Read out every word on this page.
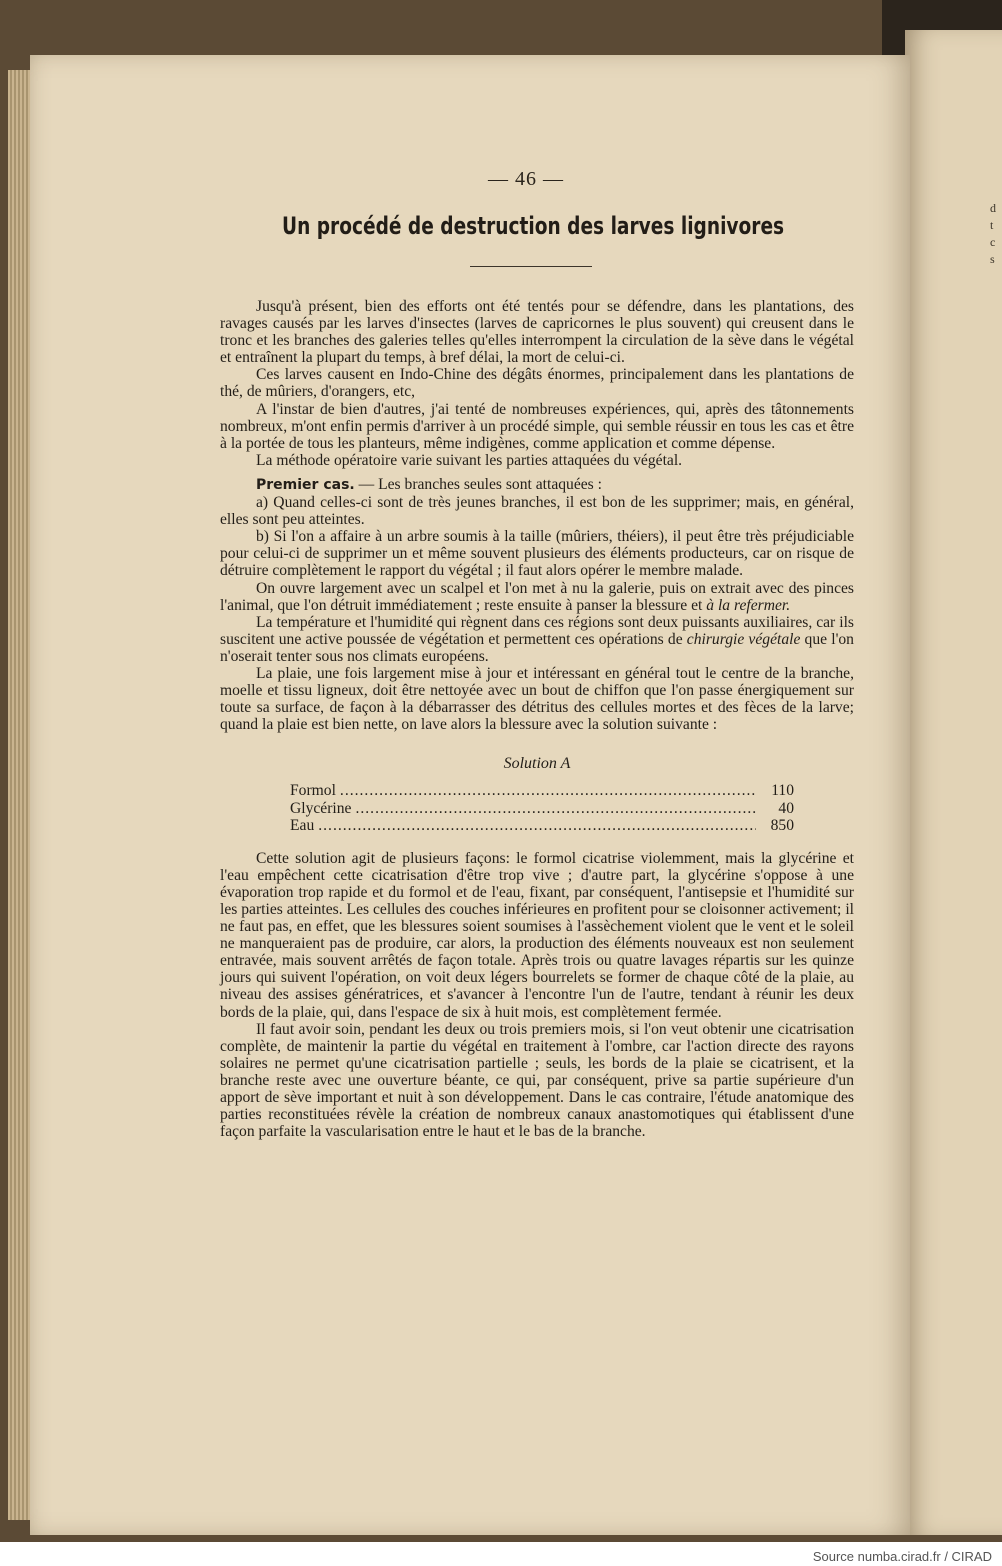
d
t
c
s
— 46 —
Un procédé de destruction des larves lignivores

Jusqu'à présent, bien des efforts ont été tentés pour se défendre, dans les plantations, des ravages causés par les larves d'insectes (larves de capricornes le plus souvent) qui creusent dans le tronc et les branches des galeries telles qu'elles interrompent la circulation de la sève dans le végétal et entraînent la plupart du temps, à bref délai, la mort de celui-ci.

Ces larves causent en Indo-Chine des dégâts énormes, principalement dans les plantations de thé, de mûriers, d'orangers, etc,

A l'instar de bien d'autres, j'ai tenté de nombreuses expériences, qui, après des tâtonnements nombreux, m'ont enfin permis d'arriver à un procédé simple, qui semble réussir en tous les cas et être à la portée de tous les planteurs, même indigènes, comme application et comme dépense.

La méthode opératoire varie suivant les parties attaquées du végétal.

Premier cas. — Les branches seules sont attaquées :

a) Quand celles-ci sont de très jeunes branches, il est bon de les supprimer; mais, en général, elles sont peu atteintes.

b) Si l'on a affaire à un arbre soumis à la taille (mûriers, théiers), il peut être très préjudiciable pour celui-ci de supprimer un et même souvent plusieurs des éléments producteurs, car on risque de détruire complètement le rapport du végétal ; il faut alors opérer le membre malade.

On ouvre largement avec un scalpel et l'on met à nu la galerie, puis on extrait avec des pinces l'animal, que l'on détruit immédiatement ; reste ensuite à panser la blessure et à la refermer.

La température et l'humidité qui règnent dans ces régions sont deux puissants auxiliaires, car ils suscitent une active poussée de végétation et permettent ces opérations de chirurgie végétale que l'on n'oserait tenter sous nos climats européens.

La plaie, une fois largement mise à jour et intéressant en général tout le centre de la branche, moelle et tissu ligneux, doit être nettoyée avec un bout de chiffon que l'on passe énergiquement sur toute sa surface, de façon à la débarrasser des détritus des cellules mortes et des fèces de la larve; quand la plaie est bien nette, on lave alors la blessure avec la solution suivante :

Solution A
Formol .....	110
Glycérine .....	40
Eau .....	850

Cette solution agit de plusieurs façons: le formol cicatrise violemment, mais la glycérine et l'eau empêchent cette cicatrisation d'être trop vive ; d'autre part, la glycérine s'oppose à une évaporation trop rapide et du formol et de l'eau, fixant, par conséquent, l'antisepsie et l'humidité sur les parties atteintes. Les cellules des couches inférieures en profitent pour se cloisonner activement; il ne faut pas, en effet, que les blessures soient soumises à l'assèchement violent que le vent et le soleil ne manqueraient pas de produire, car alors, la production des éléments nouveaux est non seulement entravée, mais souvent arrêtés de façon totale. Après trois ou quatre lavages répartis sur les quinze jours qui suivent l'opération, on voit deux légers bourrelets se former de chaque côté de la plaie, au niveau des assises génératrices, et s'avancer à l'encontre l'un de l'autre, tendant à réunir les deux bords de la plaie, qui, dans l'espace de six à huit mois, est complètement fermée.

Il faut avoir soin, pendant les deux ou trois premiers mois, si l'on veut obtenir une cicatrisation complète, de maintenir la partie du végétal en traitement à l'ombre, car l'action directe des rayons solaires ne permet qu'une cicatrisation partielle ; seuls, les bords de la plaie se cicatrisent, et la branche reste avec une ouverture béante, ce qui, par conséquent, prive sa partie supérieure d'un apport de sève important et nuit à son développement. Dans le cas contraire, l'étude anatomique des parties reconstituées révèle la création de nombreux canaux anastomotiques qui établissent d'une façon parfaite la vascularisation entre le haut et le bas de la branche.

Source numba.cirad.fr / CIRAD
